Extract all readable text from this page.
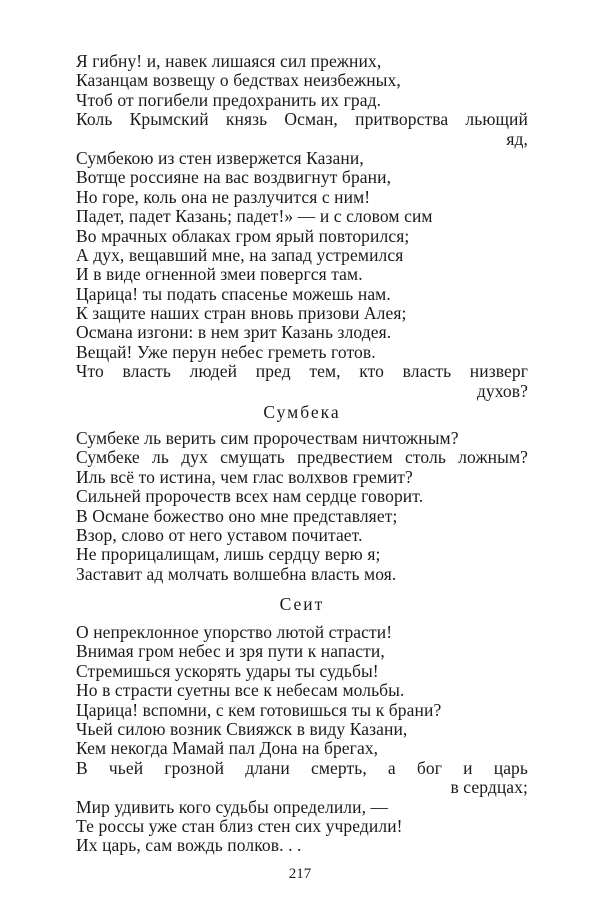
Я гибну! и, навек лишаяся сил прежних,
Казанцам возвещу о бедствах неизбежных,
Чтоб от погибели предохранить их град.
Коль Крымский князь Осман, притворства льющий
яд,
Сумбекою из стен извержется Казани,
Вотще россияне на вас воздвигнут брани,
Но горе, коль она не разлучится с ним!
Падет, падет Казань; падет!» — и с словом сим
Во мрачных облаках гром ярый повторился;
А дух, вещавший мне, на запад устремился
И в виде огненной змеи повергся там.
Царица! ты подать спасенье можешь нам.
К защите наших стран вновь призови Алея;
Османа изгони: в нем зрит Казань злодея.
Вещай! Уже перун небес греметь готов.
Что власть людей пред тем, кто власть низверг
духов?
Сумбека
Сумбеке ль верить сим пророчествам ничтожным?
Сумбеке ль дух смущать предвестием столь ложным?
Иль всё то истина, чем глас волхвов гремит?
Сильней пророчеств всех нам сердце говорит.
В Османе божество оно мне представляет;
Взор, слово от него уставом почитает.
Не прорицалищам, лишь сердцу верю я;
Заставит ад молчать волшебна власть моя.
Сеит
О непреклонное упорство лютой страсти!
Внимая гром небес и зря пути к напасти,
Стремишься ускорять удары ты судьбы!
Но в страсти суетны все к небесам мольбы.
Царица! вспомни, с кем готовишься ты к брани?
Чьей силою возник Свияжск в виду Казани,
Кем некогда Мамай пал Дона на брегах,
В чьей грозной длани смерть, а бог и царь
в сердцах;
Мир удивить кого судьбы определили, —
Те россы уже стан близ стен сих учредили!
Их царь, сам вождь полков. . .
217
